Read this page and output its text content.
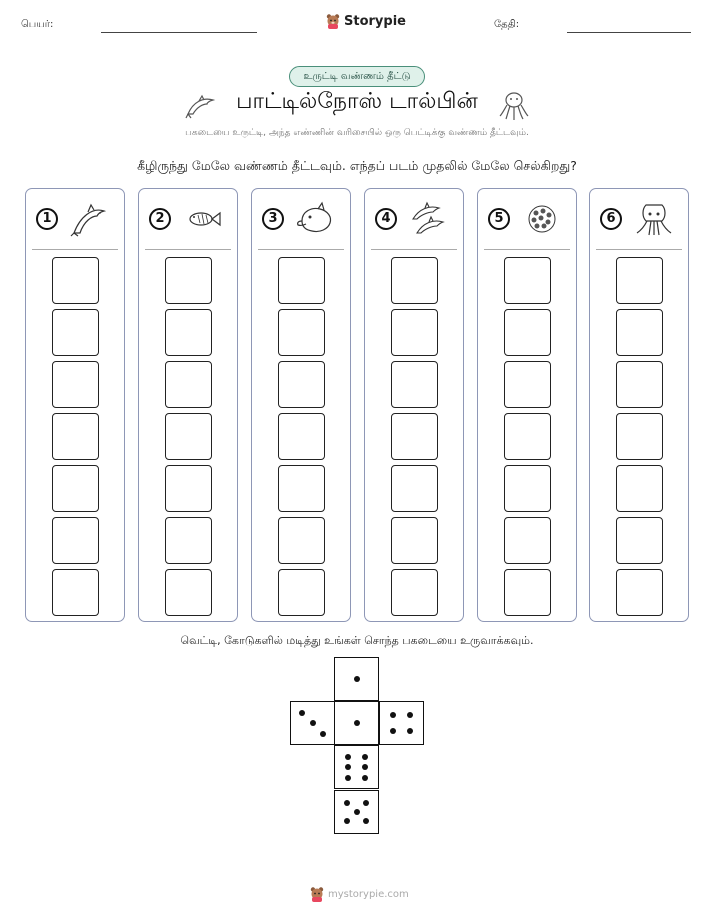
பெயர்:	Storypie	தேதி:
உருட்டி வண்ணம் தீட்டு
பாட்டில்நோஸ் டால்பின்
பகடையை உருட்டி, அந்த எண்ணின் வரிசையில் ஒரு பெட்டிக்கு வண்ணம் தீட்டவும்.
கீழிருந்து மேலே வண்ணம் தீட்டவும். எந்தப் படம் முதலில் மேலே செல்கிறது?
1	2	3	4	5	6
வெட்டி, கோடுகளில் மடித்து உங்கள் சொந்த பகடையை உருவாக்கவும்.
mystorypie.com
